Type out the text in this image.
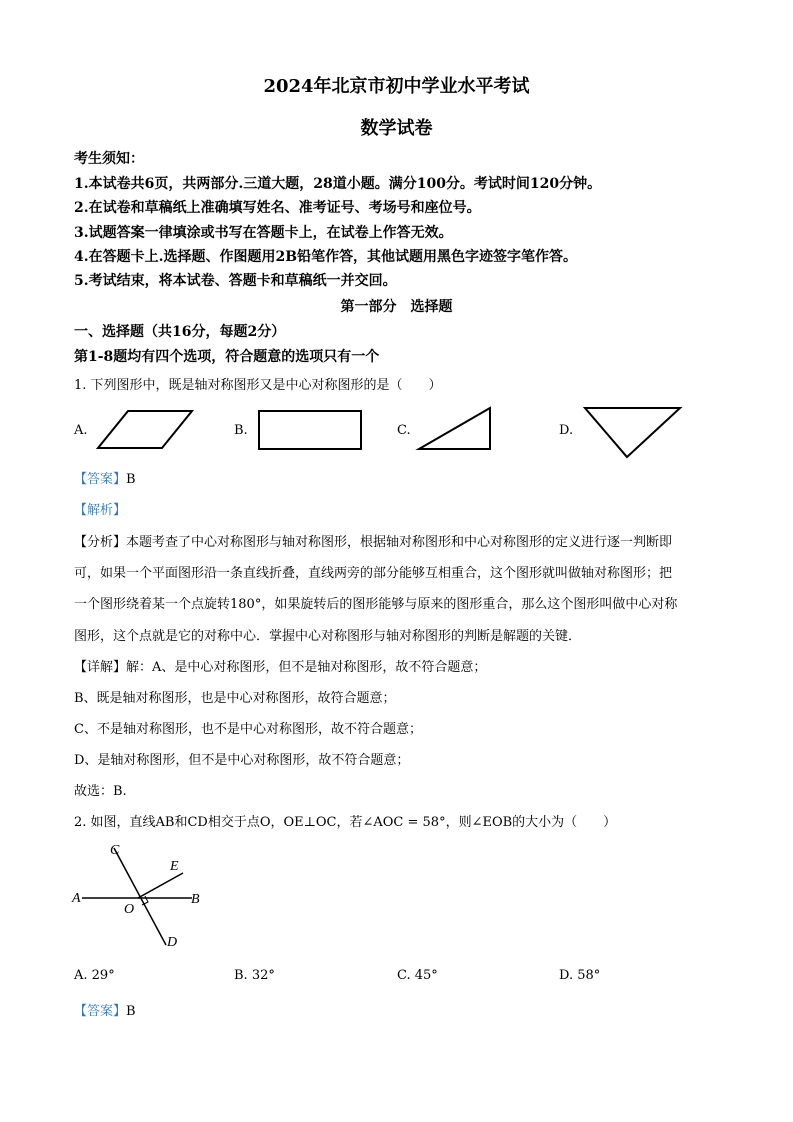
2024年北京市初中学业水平考试
数学试卷
考生须知：
1.本试卷共6页，共两部分.三道大题，28道小题。满分100分。考试时间120分钟。
2.在试卷和草稿纸上准确填写姓名、准考证号、考场号和座位号。
3.试题答案一律填涂或书写在答题卡上，在试卷上作答无效。
4.在答题卡上.选择题、作图题用2B铅笔作答，其他试题用黑色字迹签字笔作答。
5.考试结束，将本试卷、答题卡和草稿纸一并交回。
第一部分　选择题
一、选择题（共16分，每题2分）
第1-8题均有四个选项，符合题意的选项只有一个
1. 下列图形中，既是轴对称图形又是中心对称图形的是（　　）
A.	B.	C.	D.
【答案】B
【解析】
【分析】本题考查了中心对称图形与轴对称图形，根据轴对称图形和中心对称图形的定义进行逐一判断即
可，如果一个平面图形沿一条直线折叠，直线两旁的部分能够互相重合，这个图形就叫做轴对称图形；把
一个图形绕着某一个点旋转180°，如果旋转后的图形能够与原来的图形重合，那么这个图形叫做中心对称
图形，这个点就是它的对称中心．掌握中心对称图形与轴对称图形的判断是解题的关键．
【详解】解：A、是中心对称图形，但不是轴对称图形，故不符合题意；
B、既是轴对称图形，也是中心对称图形，故符合题意；
C、不是轴对称图形，也不是中心对称图形，故不符合题意；
D、是轴对称图形，但不是中心对称图形，故不符合题意；
故选：B.
2. 如图，直线AB和CD相交于点O，OE⊥OC，若∠AOC = 58°，则∠EOB的大小为（　　）
C
E
A
O
B
D
A. 29°	B. 32°	C. 45°	D. 58°
【答案】B
